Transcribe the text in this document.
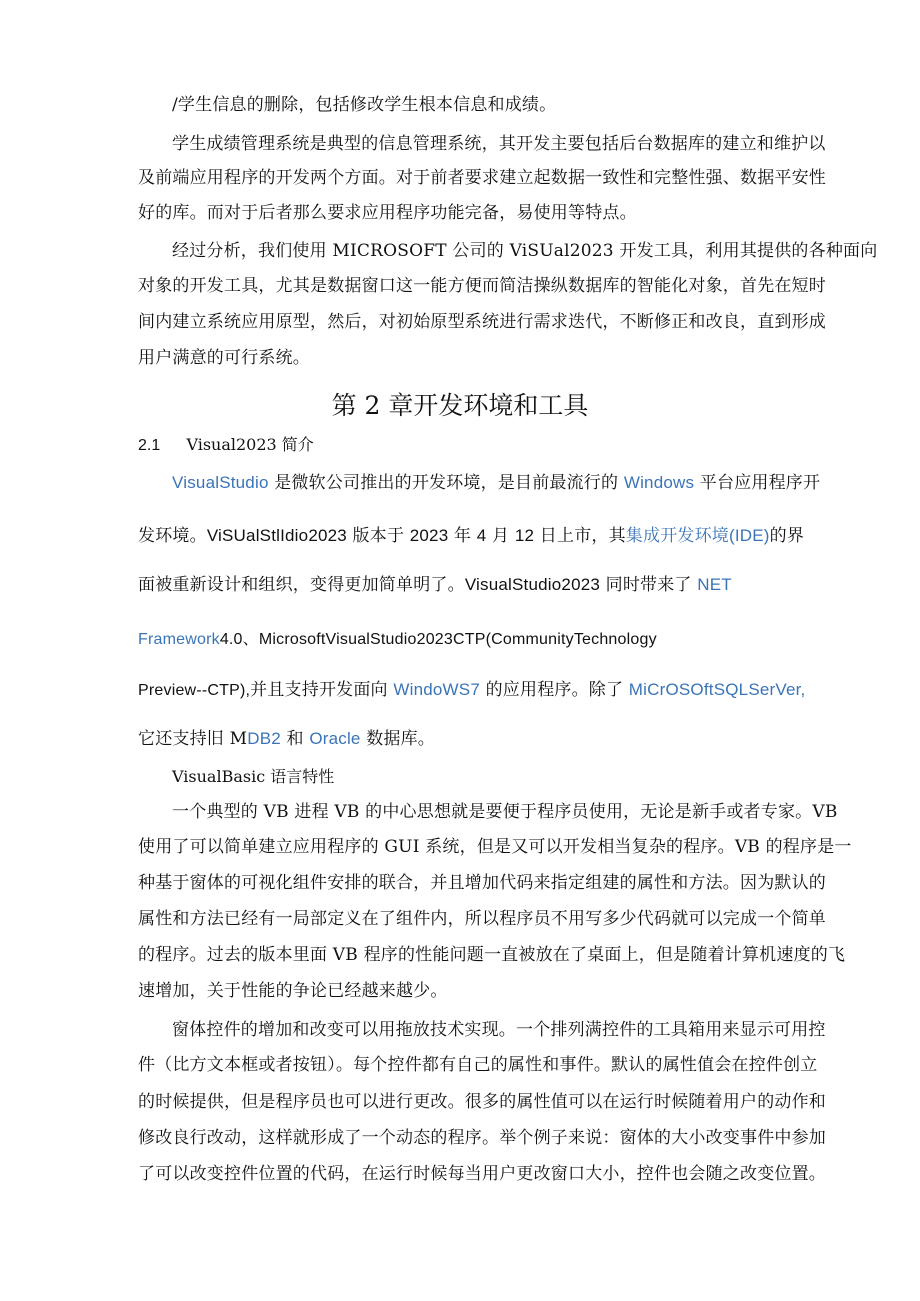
/学生信息的删除，包括修改学生根本信息和成绩。
学生成绩管理系统是典型的信息管理系统，其开发主要包括后台数据库的建立和维护以
及前端应用程序的开发两个方面。对于前者要求建立起数据一致性和完整性强、数据平安性
好的库。而对于后者那么要求应用程序功能完备，易使用等特点。
经过分析，我们使用 MICROSOFT 公司的 ViSUal2023 开发工具，利用其提供的各种面向
对象的开发工具，尤其是数据窗口这一能方便而简洁操纵数据库的智能化对象，首先在短时
间内建立系统应用原型，然后，对初始原型系统进行需求迭代，不断修正和改良，直到形成
用户满意的可行系统。
第 2 章开发环境和工具
2.1 Visual2023 简介
VisualStudio 是微软公司推出的开发环境，是目前最流行的 Windows 平台应用程序开
发环境。ViSUalStlIdio2023 版本于 2023 年 4 月 12 日上市，其集成开发环境(IDE)的界
面被重新设计和组织，变得更加简单明了。VisualStudio2023 同时带来了 NET
Framework4.0、MicrosoftVisualStudio2023CTP(CommunityTechnology
Preview--CTP),并且支持开发面向 WindoWS7 的应用程序。除了 MiCrOSOftSQLSerVer,
它还支持旧 MDB2 和 Oracle 数据库。
VisualBasic 语言特性
一个典型的 VB 进程 VB 的中心思想就是要便于程序员使用，无论是新手或者专家。VB
使用了可以简单建立应用程序的 GUI 系统，但是又可以开发相当复杂的程序。VB 的程序是一
种基于窗体的可视化组件安排的联合，并且增加代码来指定组建的属性和方法。因为默认的
属性和方法已经有一局部定义在了组件内，所以程序员不用写多少代码就可以完成一个简单
的程序。过去的版本里面 VB 程序的性能问题一直被放在了桌面上，但是随着计算机速度的飞
速增加，关于性能的争论已经越来越少。
窗体控件的增加和改变可以用拖放技术实现。一个排列满控件的工具箱用来显示可用控
件（比方文本框或者按钮）。每个控件都有自己的属性和事件。默认的属性值会在控件创立
的时候提供，但是程序员也可以进行更改。很多的属性值可以在运行时候随着用户的动作和
修改良行改动，这样就形成了一个动态的程序。举个例子来说：窗体的大小改变事件中参加
了可以改变控件位置的代码，在运行时候每当用户更改窗口大小，控件也会随之改变位置。
